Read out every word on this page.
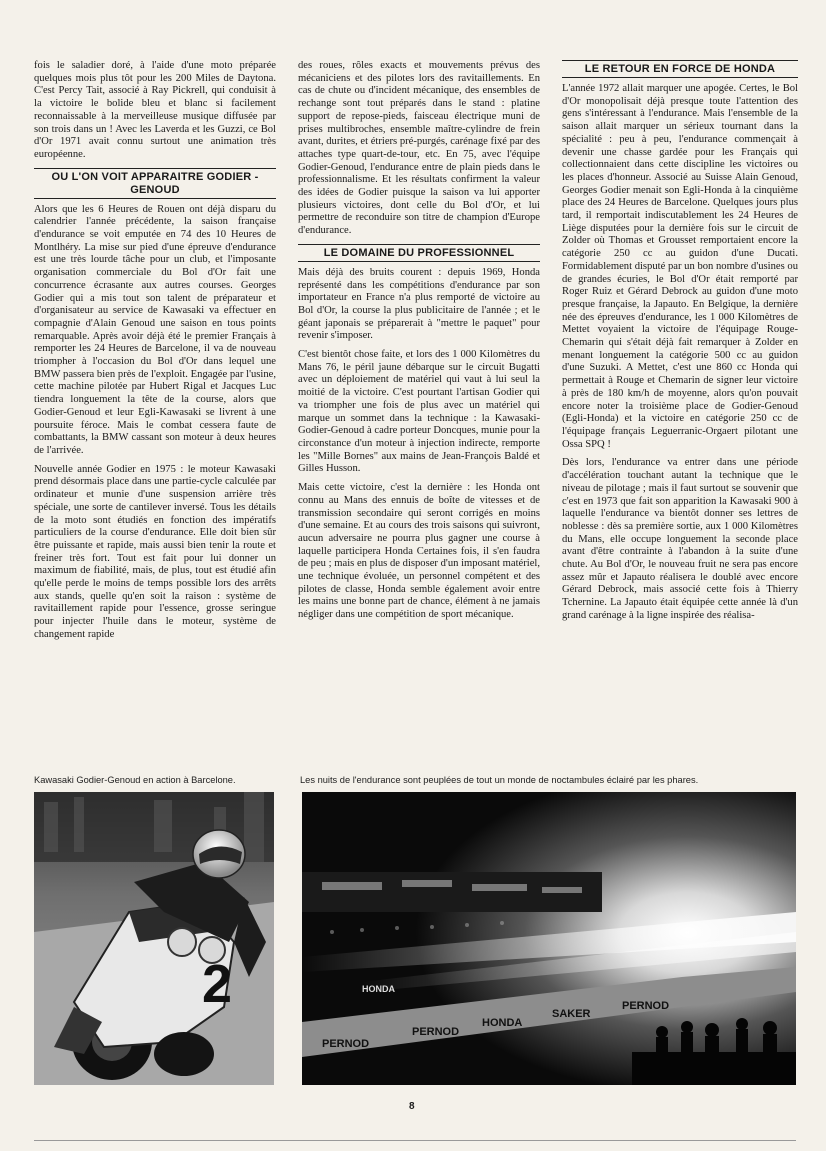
fois le saladier doré, à l'aide d'une moto préparée quelques mois plus tôt pour les 200 Miles de Daytona. C'est Percy Tait, associé à Ray Pickrell, qui conduisit à la victoire le bolide bleu et blanc si facilement reconnaissable à la merveilleuse musique diffusée par son trois dans un ! Avec les Laverda et les Guzzi, ce Bol d'Or 1971 avait connu surtout une animation très européenne.

OU L'ON VOIT APPARAITRE GODIER - GENOUD

Alors que les 6 Heures de Rouen ont déjà disparu du calendrier l'année précédente, la saison française d'endurance se voit emputée en 74 des 10 Heures de Montlhéry. La mise sur pied d'une épreuve d'endurance est une très lourde tâche pour un club, et l'imposante organisation commerciale du Bol d'Or fait une concurrence écrasante aux autres courses. Georges Godier qui a mis tout son talent de préparateur et d'organisateur au service de Kawasaki va effectuer en compagnie d'Alain Genoud une saison en tous points remarquable. Après avoir déjà été le premier Français à remporter les 24 Heures de Barcelone, il va de nouveau triompher à l'occasion du Bol d'Or dans lequel une BMW passera bien près de l'exploit. Engagée par l'usine, cette machine pilotée par Hubert Rigal et Jacques Luc tiendra longuement la tête de la course, alors que Godier-Genoud et leur Egli-Kawasaki se livrent à une poursuite féroce. Mais le combat cessera faute de combattants, la BMW cassant son moteur à deux heures de l'arrivée.

Nouvelle année Godier en 1975 : le moteur Kawasaki prend désormais place dans une partie-cycle calculée par ordinateur et munie d'une suspension arrière très spéciale, une sorte de cantilever inversé. Tous les détails de la moto sont étudiés en fonction des impératifs particuliers de la course d'endurance. Elle doit bien sûr être puissante et rapide, mais aussi bien tenir la route et freiner très fort. Tout est fait pour lui donner un maximum de fiabilité, mais, de plus, tout est étudié afin qu'elle perde le moins de temps possible lors des arrêts aux stands, quelle qu'en soit la raison : système de ravitaillement rapide pour l'essence, grosse seringue pour injecter l'huile dans le moteur, système de changement rapide

des roues, rôles exacts et mouvements prévus des mécaniciens et des pilotes lors des ravitaillements. En cas de chute ou d'incident mécanique, des ensembles de rechange sont tout préparés dans le stand : platine support de repose-pieds, faisceau électrique muni de prises multibroches, ensemble maître-cylindre de frein avant, durites, et étriers pré-purgés, carénage fixé par des attaches type quart-de-tour, etc. En 75, avec l'équipe Godier-Genoud, l'endurance entre de plain pieds dans le professionnalisme. Et les résultats confirment la valeur des idées de Godier puisque la saison va lui apporter plusieurs victoires, dont celle du Bol d'Or, et lui permettre de reconduire son titre de champion d'Europe d'endurance.

LE DOMAINE DU PROFESSIONNEL

Mais déjà des bruits courent : depuis 1969, Honda représenté dans les compétitions d'endurance par son importateur en France n'a plus remporté de victoire au Bol d'Or, la course la plus publicitaire de l'année ; et le géant japonais se préparerait à "mettre le paquet" pour revenir s'imposer.

C'est bientôt chose faite, et lors des 1 000 Kilomètres du Mans 76, le péril jaune débarque sur le circuit Bugatti avec un déploiement de matériel qui vaut à lui seul la moitié de la victoire. C'est pourtant l'artisan Godier qui va triompher une fois de plus avec un matériel qui marque un sommet dans la technique : la Kawasaki-Godier-Genoud à cadre porteur Doncques, munie pour la circonstance d'un moteur à injection indirecte, remporte les "Mille Bornes" aux mains de Jean-François Baldé et Gilles Husson.

Mais cette victoire, c'est la dernière : les Honda ont connu au Mans des ennuis de boîte de vitesses et de transmission secondaire qui seront corrigés en moins d'une semaine. Et au cours des trois saisons qui suivront, aucun adversaire ne pourra plus gagner une course à laquelle participera Honda Certaines fois, il s'en faudra de peu ; mais en plus de disposer d'un imposant matériel, une technique évoluée, un personnel compétent et des pilotes de classe, Honda semble également avoir entre les mains une bonne part de chance, élément à ne jamais négliger dans une compétition de sport mécanique.

LE RETOUR EN FORCE DE HONDA

L'année 1972 allait marquer une apogée. Certes, le Bol d'Or monopolisait déjà presque toute l'attention des gens s'intéressant à l'endurance. Mais l'ensemble de la saison allait marquer un sérieux tournant dans la spécialité : peu à peu, l'endurance commençait à devenir une chasse gardée pour les Français qui collectionnaient dans cette discipline les victoires ou les places d'honneur. Associé au Suisse Alain Genoud, Georges Godier menait son Egli-Honda à la cinquième place des 24 Heures de Barcelone. Quelques jours plus tard, il remportait indiscutablement les 24 Heures de Liège disputées pour la dernière fois sur le circuit de Zolder où Thomas et Grousset remportaient encore la catégorie 250 cc au guidon d'une Ducati. Formidablement disputé par un bon nombre d'usines ou de grandes écuries, le Bol d'Or était remporté par Roger Ruiz et Gérard Debrock au guidon d'une moto presque française, la Japauto. En Belgique, la dernière née des épreuves d'endurance, les 1 000 Kilomètres de Mettet voyaient la victoire de l'équipage Rouge-Chemarin qui s'était déjà fait remarquer à Zolder en menant longuement la catégorie 500 cc au guidon d'une Suzuki. A Mettet, c'est une 860 cc Honda qui permettait à Rouge et Chemarin de signer leur victoire à près de 180 km/h de moyenne, alors qu'on pouvait encore noter la troisième place de Godier-Genoud (Egli-Honda) et la victoire en catégorie 250 cc de l'équipage français Leguerranic-Orgaert pilotant une Ossa SPQ !

Dès lors, l'endurance va entrer dans une période d'accélération touchant autant la technique que le niveau de pilotage ; mais il faut surtout se souvenir que c'est en 1973 que fait son apparition la Kawasaki 900 à laquelle l'endurance va bientôt donner ses lettres de noblesse : dès sa première sortie, aux 1 000 Kilomètres du Mans, elle occupe longuement la seconde place avant d'être contrainte à l'abandon à la suite d'une chute. Au Bol d'Or, le nouveau fruit ne sera pas encore assez mûr et Japauto réalisera le doublé avec encore Gérard Debrock, mais associé cette fois à Thierry Tchernine. La Japauto était équipée cette année là d'un grand carénage à la ligne inspirée des réalisa-

Kawasaki Godier-Genoud en action à Barcelone.	Les nuits de l'endurance sont peuplées de tout un monde de noctambules éclairé par les phares.
2
PERNOD
PERNOD
HONDA
SAKER
PERNOD
HONDA
8
